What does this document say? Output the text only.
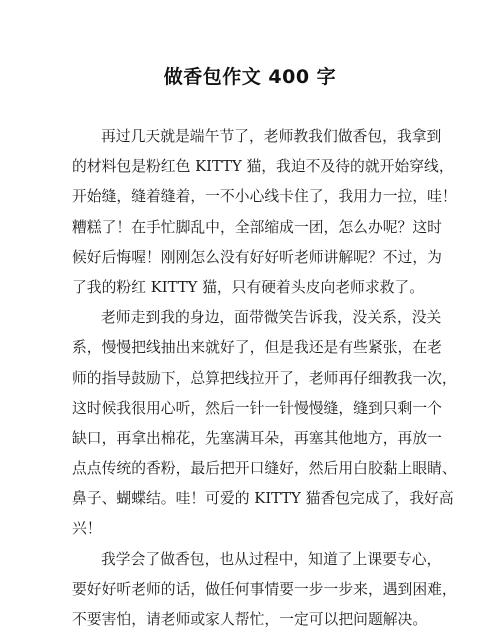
做香包作文 400 字
再过几天就是端午节了，老师教我们做香包，我拿到
的材料包是粉红色 KITTY 猫，我迫不及待的就开始穿线，
开始缝，缝着缝着，一不小心线卡住了，我用力一拉，哇！
糟糕了！在手忙脚乱中，全部缩成一团，怎么办呢？这时
候好后悔喔！刚刚怎么没有好好听老师讲解呢？不过，为
了我的粉红 KITTY 猫，只有硬着头皮向老师求救了。
老师走到我的身边，面带微笑告诉我，没关系，没关
系，慢慢把线抽出来就好了，但是我还是有些紧张，在老
师的指导鼓励下，总算把线拉开了，老师再仔细教我一次，
这时候我很用心听，然后一针一针慢慢缝，缝到只剩一个
缺口，再拿出棉花，先塞满耳朵，再塞其他地方，再放一
点点传统的香粉，最后把开口缝好，然后用白胶黏上眼睛、
鼻子、蝴蝶结。哇！可爱的 KITTY 猫香包完成了，我好高
兴！
我学会了做香包，也从过程中，知道了上课要专心，
要好好听老师的话，做任何事情要一步一步来，遇到困难，
不要害怕，请老师或家人帮忙，一定可以把问题解决。
